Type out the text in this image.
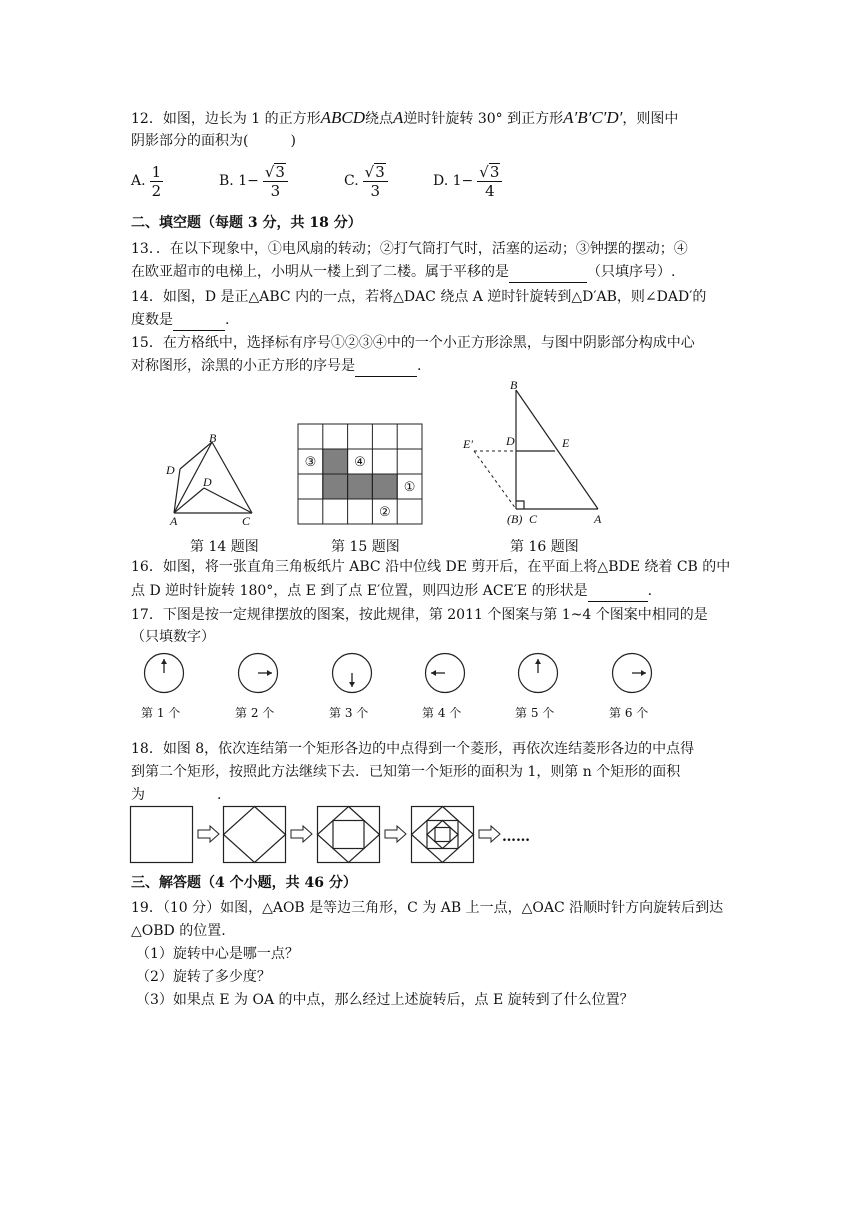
12．如图，边长为 1 的正方形ABCD绕点A逆时针旋转 30° 到正方形A′B′C′D′，则图中
阴影部分的面积为(　　　)
A. $\frac{1}{2}$	B.
$1- \frac{√ 3}{3}$	C. $\frac{√ 3}{3}$	D.
$1- \frac{√ 3}{4}$
二、填空题（每题 3 分，共 18 分）
13．．在以下现象中，①电风扇的转动；②打气筒打气时，活塞的运动；③钟摆的摆动；④
在欧亚超市的电梯上，小明从一楼上到了二楼。属于平移的是	（只填序号）.
14．如图，D 是正△ABC 内的一点，若将△DAC 绕点 A 逆时针旋转到△D′AB，则∠DAD′的
度数是	.
15．在方格纸中，选择标有序号①②③④中的一个小正方形涂黑，与图中阴影部分构成中心
对称图形，涂黑的小正方形的序号是	.
B
D
D
A	C
第 14 题图
③	④
①
②
第 15 题图
B
D	E
E′
(B) C	A
第 16 题图
16．如图，将一张直角三角板纸片 ABC 沿中位线 DE 剪开后，在平面上将△BDE 绕着 CB 的中
点 D 逆时针旋转 180°，点 E 到了点 E′位置，则四边形 ACE′E 的形状是	.
17．下图是按一定规律摆放的图案，按此规律，第 2011 个图案与第 1~4 个图案中相同的是
（只填数字）
第 1 个	第 2 个	第 3 个	第 4 个	第 5 个	第 6 个
18．如图 8，依次连结第一个矩形各边的中点得到一个菱形，再依次连结菱形各边的中点得
到第二个矩形，按照此方法继续下去．已知第一个矩形的面积为 1，则第 n 个矩形的面积
为	.
……
三、解答题（4 个小题，共 46 分）
19．（10 分）如图，△AOB 是等边三角形，C 为 AB 上一点，△OAC 沿顺时针方向旋转后到达
△OBD 的位置.
（1）旋转中心是哪一点？
（2）旋转了多少度？
（3）如果点 E 为 OA 的中点，那么经过上述旋转后，点 E 旋转到了什么位置？
